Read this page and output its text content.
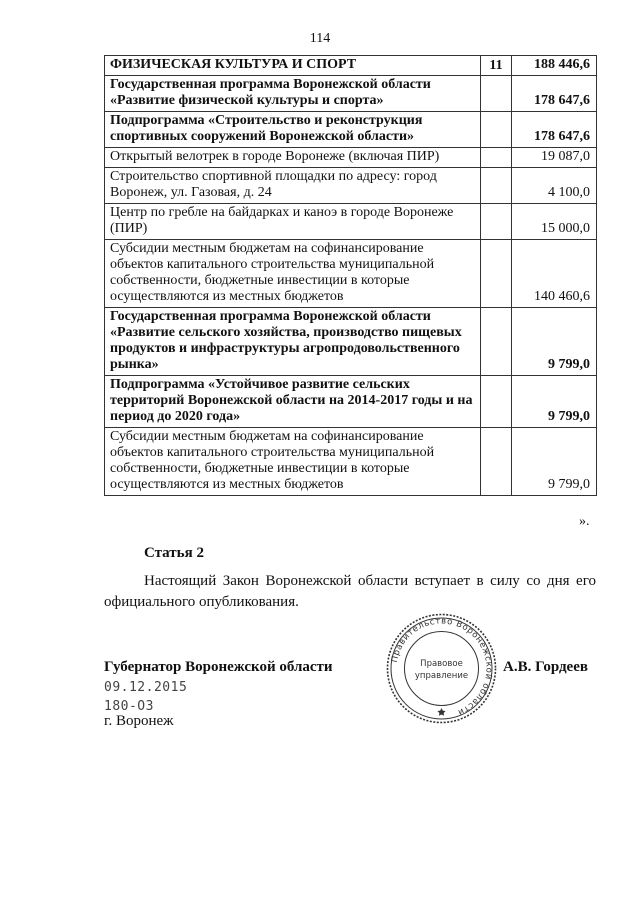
114
ФИЗИЧЕСКАЯ КУЛЬТУРА И СПОРТ	11	188 446,6
Государственная программа Воронежской области «Развитие физической культуры и спорта»		178 647,6
Подпрограмма «Строительство и реконструкция спортивных сооружений Воронежской области»		178 647,6
Открытый велотрек в городе Воронеже (включая ПИР)		19 087,0
Строительство спортивной площадки по адресу: город Воронеж, ул. Газовая, д. 24		4 100,0
Центр по гребле на байдарках и каноэ в городе Воронеже (ПИР)		15 000,0
Субсидии местным бюджетам на софинансирование объектов капитального строительства муниципальной собственности, бюджетные инвестиции в которые осуществляются из местных бюджетов		140 460,6
Государственная программа Воронежской области «Развитие сельского хозяйства, производство пищевых продуктов и инфраструктуры агропродовольственного рынка»		9 799,0
Подпрограмма «Устойчивое развитие сельских территорий Воронежской области на 2014-2017 годы и на период до 2020 года»		9 799,0
Субсидии местным бюджетам на софинансирование объектов капитального строительства муниципальной собственности, бюджетные инвестиции в которые осуществляются из местных бюджетов		9 799,0
».
Статья 2
Настоящий Закон Воронежской области вступает в силу со дня его официального опубликования.
Губернатор Воронежской области	А.В. Гордеев
09.12.2015
180-ОЗ
г. Воронеж
Правительство Воронежской области
Правовое
управление
